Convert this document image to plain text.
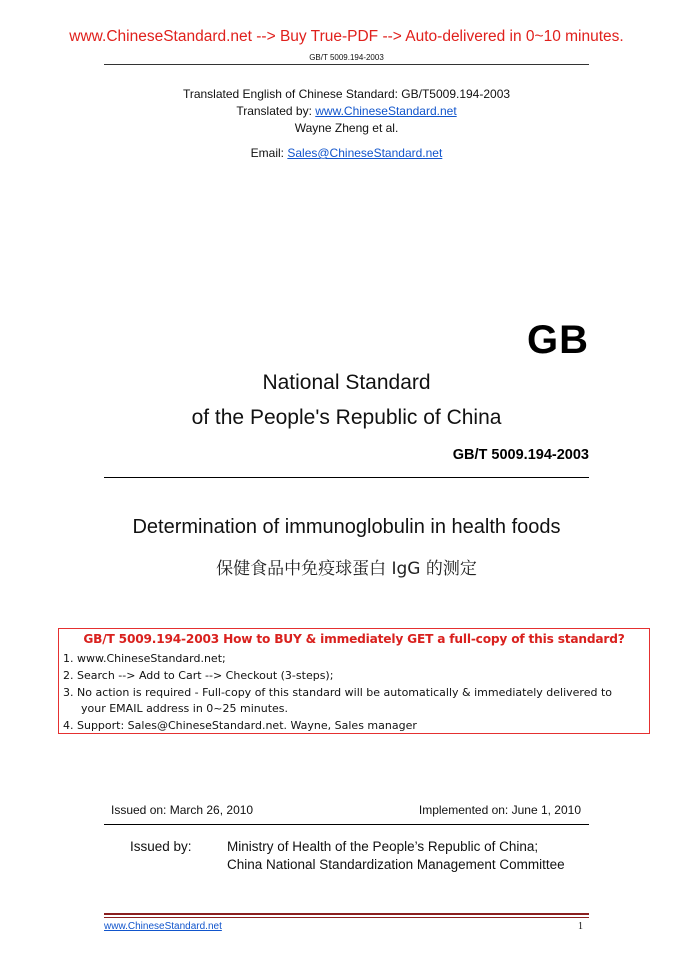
www.ChineseStandard.net --> Buy True-PDF --> Auto-delivered in 0~10 minutes.
GB/T 5009.194-2003
Translated English of Chinese Standard: GB/T5009.194-2003
Translated by: www.ChineseStandard.net
Wayne Zheng et al.
Email: Sales@ChineseStandard.net
GB
National Standard
of the People's Republic of China
GB/T 5009.194-2003
Determination of immunoglobulin in health foods
保健食品中免疫球蛋白 IgG 的测定
GB/T 5009.194-2003 How to BUY & immediately GET a full-copy of this standard?
1. www.ChineseStandard.net;
2. Search --> Add to Cart --> Checkout (3-steps);
3. No action is required - Full-copy of this standard will be automatically & immediately delivered to
your EMAIL address in 0~25 minutes.
4. Support: Sales@ChineseStandard.net. Wayne, Sales manager
Issued on: March 26, 2010	Implemented on: June 1, 2010
Issued by:	Ministry of Health of the People’s Republic of China;
China National Standardization Management Committee
www.ChineseStandard.net	1
